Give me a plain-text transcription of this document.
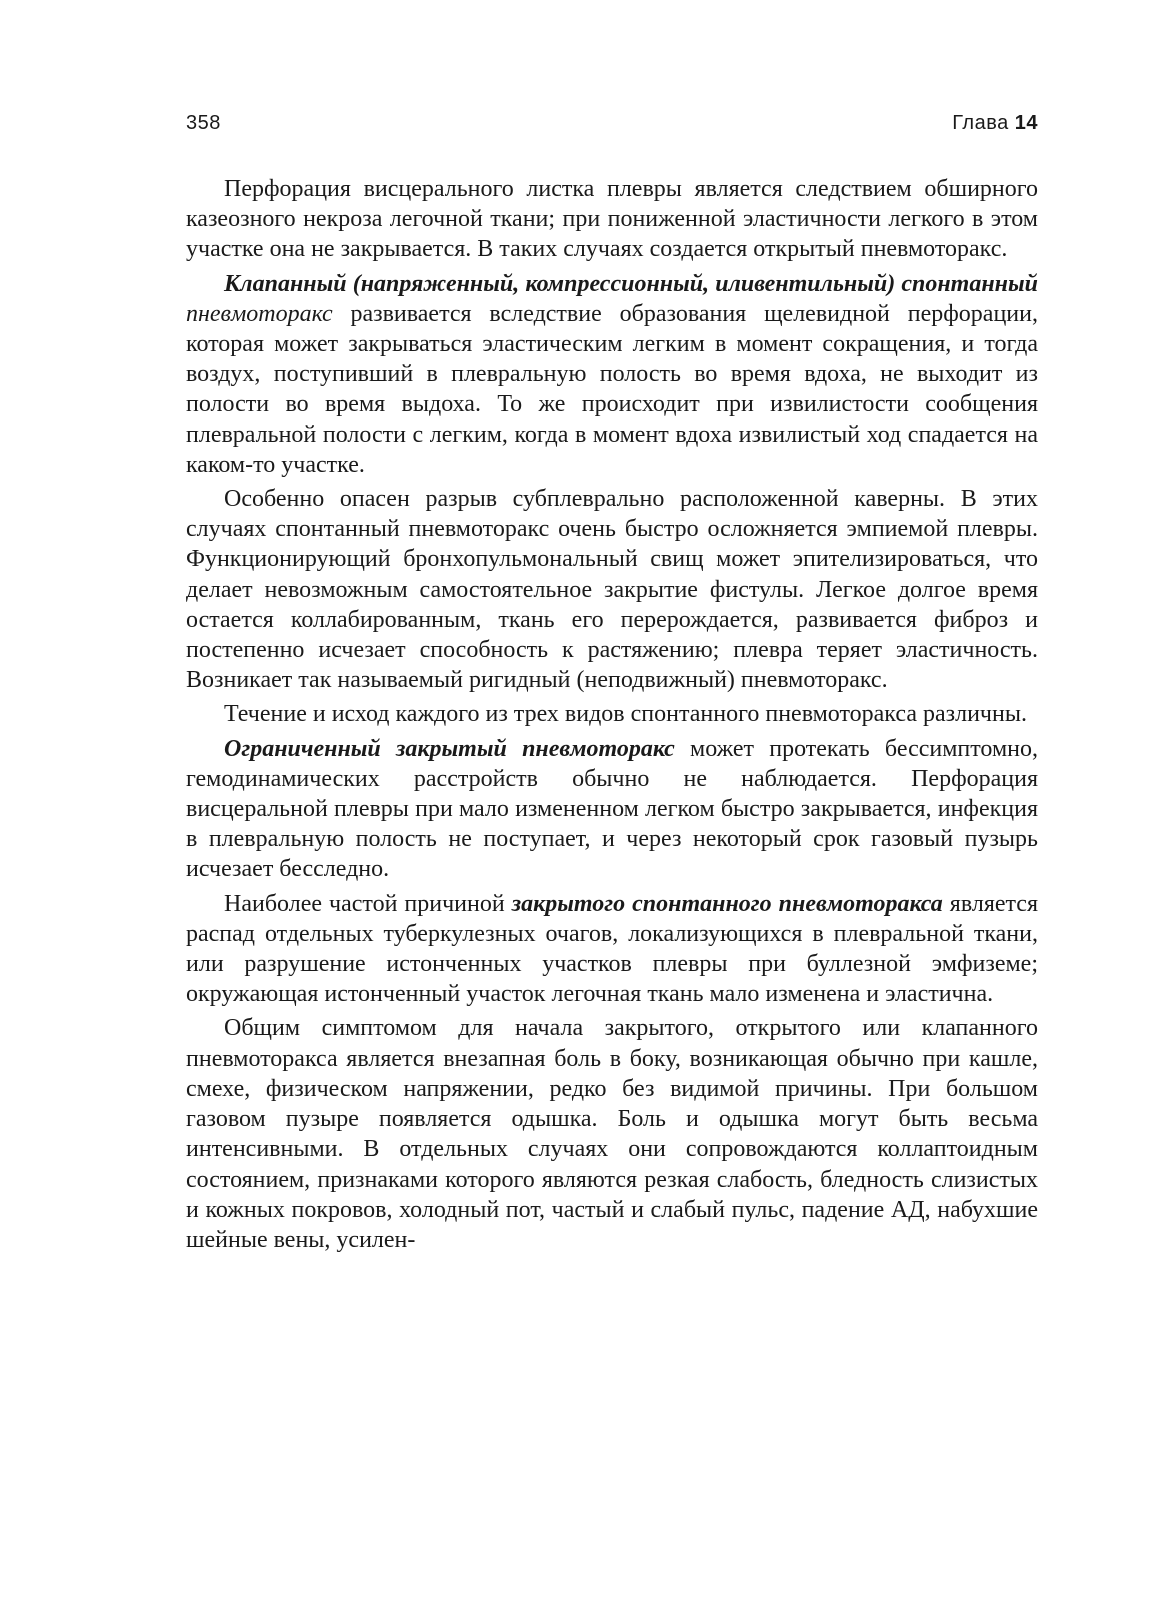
358	Глава 14

Перфорация висцерального листка плевры является следствием обширного казеозного некроза легочной ткани; при пониженной эластичности легкого в этом участке она не закрывается. В таких случаях создается открытый пневмоторакс.

Клапанный (напряженный, компрессионный, иливентильный) спонтанный пневмоторакс развивается вследствие образования щелевидной перфорации, которая может закрываться эластическим легким в момент сокращения, и тогда воздух, поступивший в плевральную полость во время вдоха, не выходит из полости во время выдоха. То же происходит при извилистости сообщения плевральной полости с легким, когда в момент вдоха извилистый ход спадается на каком-то участке.

Особенно опасен разрыв субплеврально расположенной каверны. В этих случаях спонтанный пневмоторакс очень быстро осложняется эмпиемой плевры. Функционирующий бронхопульмональный свищ может эпителизироваться, что делает невозможным самостоятельное закрытие фистулы. Легкое долгое время остается коллабированным, ткань его перерождается, развивается фиброз и постепенно исчезает способность к растяжению; плевра теряет эластичность. Возникает так называемый ригидный (неподвижный) пневмоторакс.

Течение и исход каждого из трех видов спонтанного пневмоторакса различны.

Ограниченный закрытый пневмоторакс может протекать бессимптомно, гемодинамических расстройств обычно не наблюдается. Перфорация висцеральной плевры при мало измененном легком быстро закрывается, инфекция в плевральную полость не поступает, и через некоторый срок газовый пузырь исчезает бесследно.

Наиболее частой причиной закрытого спонтанного пневмоторакса является распад отдельных туберкулезных очагов, локализующихся в плевральной ткани, или разрушение истонченных участков плевры при буллезной эмфиземе; окружающая истонченный участок легочная ткань мало изменена и эластична.

Общим симптомом для начала закрытого, открытого или клапанного пневмоторакса является внезапная боль в боку, возникающая обычно при кашле, смехе, физическом напряжении, редко без видимой причины. При большом газовом пузыре появляется одышка. Боль и одышка могут быть весьма интенсивными. В отдельных случаях они сопровождаются коллаптоидным состоянием, признаками которого являются резкая слабость, бледность слизистых и кожных покровов, холодный пот, частый и слабый пульс, падение АД, набухшие шейные вены, усилен-
